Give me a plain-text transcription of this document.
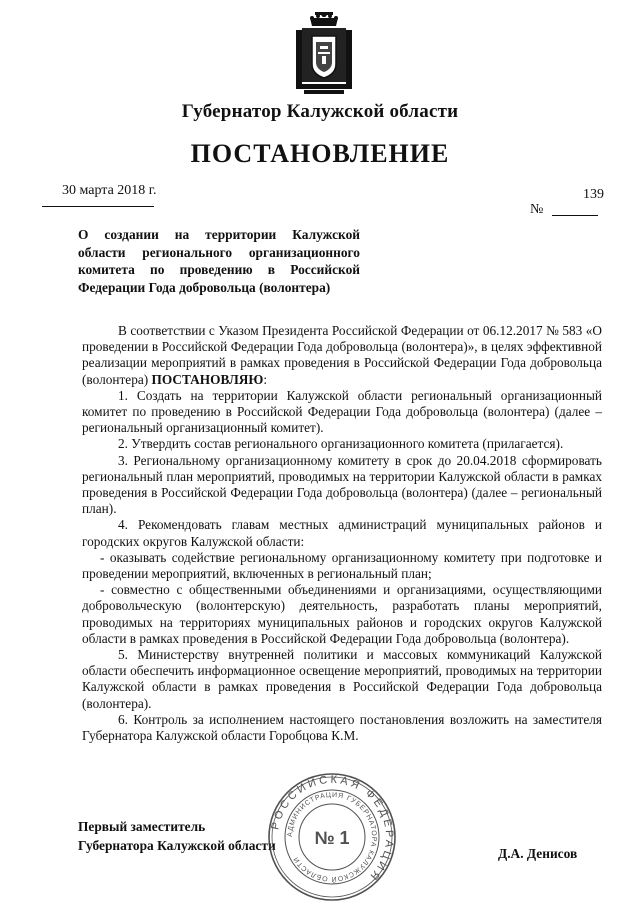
Губернатор Калужской области
ПОСТАНОВЛЕНИЕ
30 марта 2018 г.	139
№
О создании на территории Калужской области регионального организационного комитета по проведению в Российской Федерации Года добровольца (волонтера)

В соответствии с Указом Президента Российской Федерации от 06.12.2017 № 583 «О проведении в Российской Федерации Года добровольца (волонтера)», в целях эффективной реализации мероприятий в рамках проведения в Российской Федерации Года добровольца (волонтера) ПОСТАНОВЛЯЮ:

1. Создать на территории Калужской области региональный организационный комитет по проведению в Российской Федерации Года добровольца (волонтера) (далее – региональный организационный комитет).

2. Утвердить состав регионального организационного комитета (прилагается).

3. Региональному организационному комитету в срок до 20.04.2018 сформировать региональный план мероприятий, проводимых на территории Калужской области в рамках проведения в Российской Федерации Года добровольца (волонтера) (далее – региональный план).

4. Рекомендовать главам местных администраций муниципальных районов и городских округов Калужской области:

- оказывать содействие региональному организационному комитету при подготовке и проведении мероприятий, включенных в региональный план;

- совместно с общественными объединениями и организациями, осуществляющими добровольческую (волонтерскую) деятельность, разработать планы мероприятий, проводимых на территориях муниципальных районов и городских округов Калужской области в рамках проведения в Российской Федерации Года добровольца (волонтера).

5. Министерству внутренней политики и массовых коммуникаций Калужской области обеспечить информационное освещение мероприятий, проводимых на территории Калужской области в рамках проведения в Российской Федерации Года добровольца (волонтера).

6. Контроль за исполнением настоящего постановления возложить на заместителя Губернатора Калужской области Горобцова К.М.

Первый заместитель
Губернатора Калужской области
Д.А. Денисов
РОССИЙСКАЯ ФЕДЕРАЦИЯ
АДМИНИСТРАЦИЯ ГУБЕРНАТОРА КАЛУЖСКОЙ ОБЛАСТИ
№ 1
